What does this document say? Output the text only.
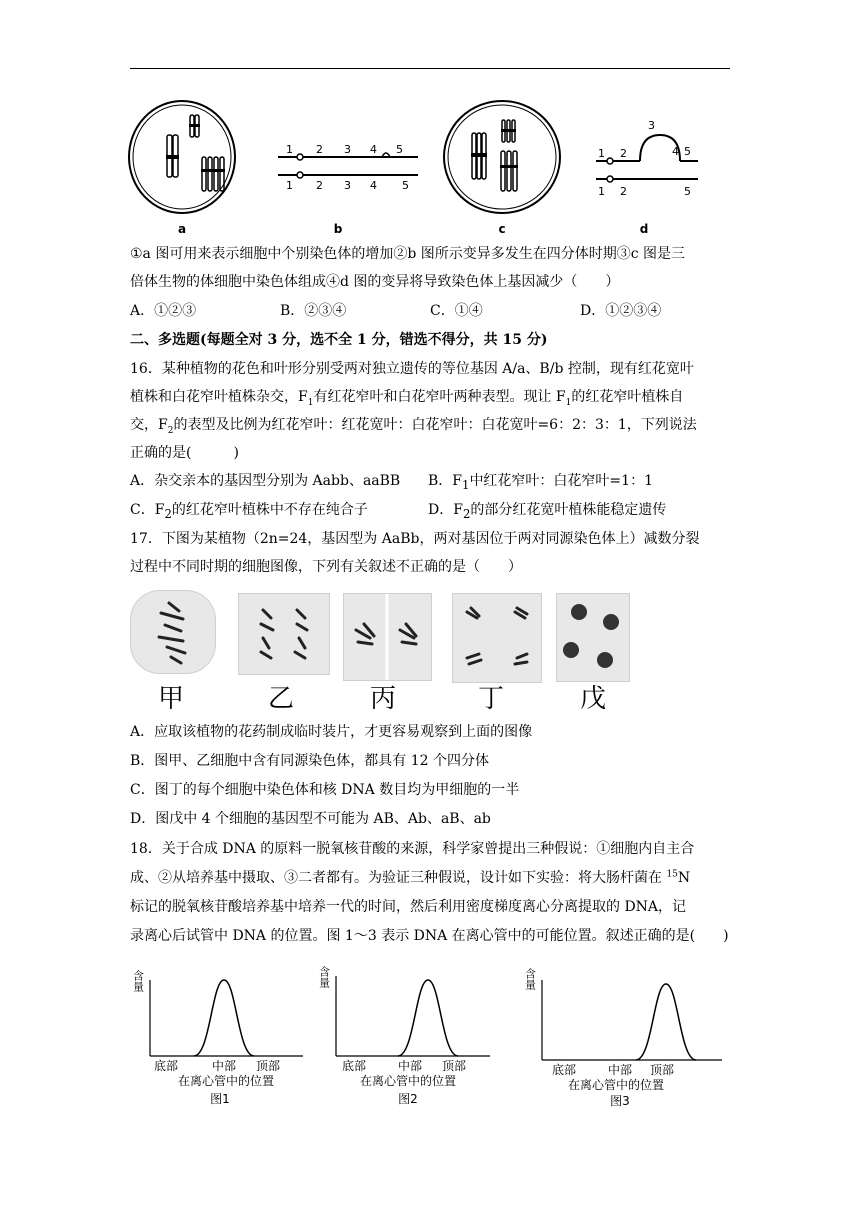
a
1 2 3 4 5
1 2 3 4 5
b	c
1 2
3
4 5
1 2	5
d
①a 图可用来表示细胞中个别染色体的增加②b 图所示变异多发生在四分体时期③c 图是三
倍体生物的体细胞中染色体组成④d 图的变异将导致染色体上基因减少（　　）
A．①②③	B．②③④	C．①④	D．①②③④
二、多选题(每题全对 3 分，选不全 1 分，错选不得分，共 15 分)
16．某种植物的花色和叶形分别受两对独立遗传的等位基因 A/a、B/b 控制，现有红花宽叶
植株和白花窄叶植株杂交，$F_1$有红花窄叶和白花窄叶两种表型。现让 $F_1$的红花窄叶植株自
交，$F_2$的表型及比例为红花窄叶：红花宽叶：白花窄叶：白花宽叶=6：2：3：1，下列说法
正确的是(　　　)
A．杂交亲本的基因型分别为 Aabb、aaBB B．$F_1$中红花窄叶：白花窄叶=1：1
C．$F_2$的红花窄叶植株中不存在纯合子	D．$F_2$的部分红花宽叶植株能稳定遗传
17．下图为某植物（2n=24，基因型为 AaBb，两对基因位于两对同源染色体上）减数分裂
过程中不同时期的细胞图像，下列有关叙述不正确的是（　　）
甲	乙	丙	丁	戊
A．应取该植物的花药制成临时装片，才更容易观察到上面的图像
B．图甲、乙细胞中含有同源染色体，都具有 12 个四分体
C．图丁的每个细胞中染色体和核 DNA 数目均为甲细胞的一半
D．图戊中 4 个细胞的基因型不可能为 AB、Ab、aB、ab
18．关于合成 DNA 的原料一脱氧核苷酸的来源，科学家曾提出三种假说：①细胞内自主合
成、②从培养基中摄取、③二者都有。为验证三种假说，设计如下实验：将大肠杆菌在 $^{15}$N
标记的脱氧核苷酸培养基中培养一代的时间，然后利用密度梯度离心分离提取的 DNA，记
录离心后试管中 DNA 的位置。图 1～3 表示 DNA 在离心管中的可能位置。叙述正确的是(　　)
含量
底部	中部 顶部
在离心管中的位置
图1
含量
底部	中部 顶部
在离心管中的位置
图2
含量
底部	中部 顶部
在离心管中的位置
图3
